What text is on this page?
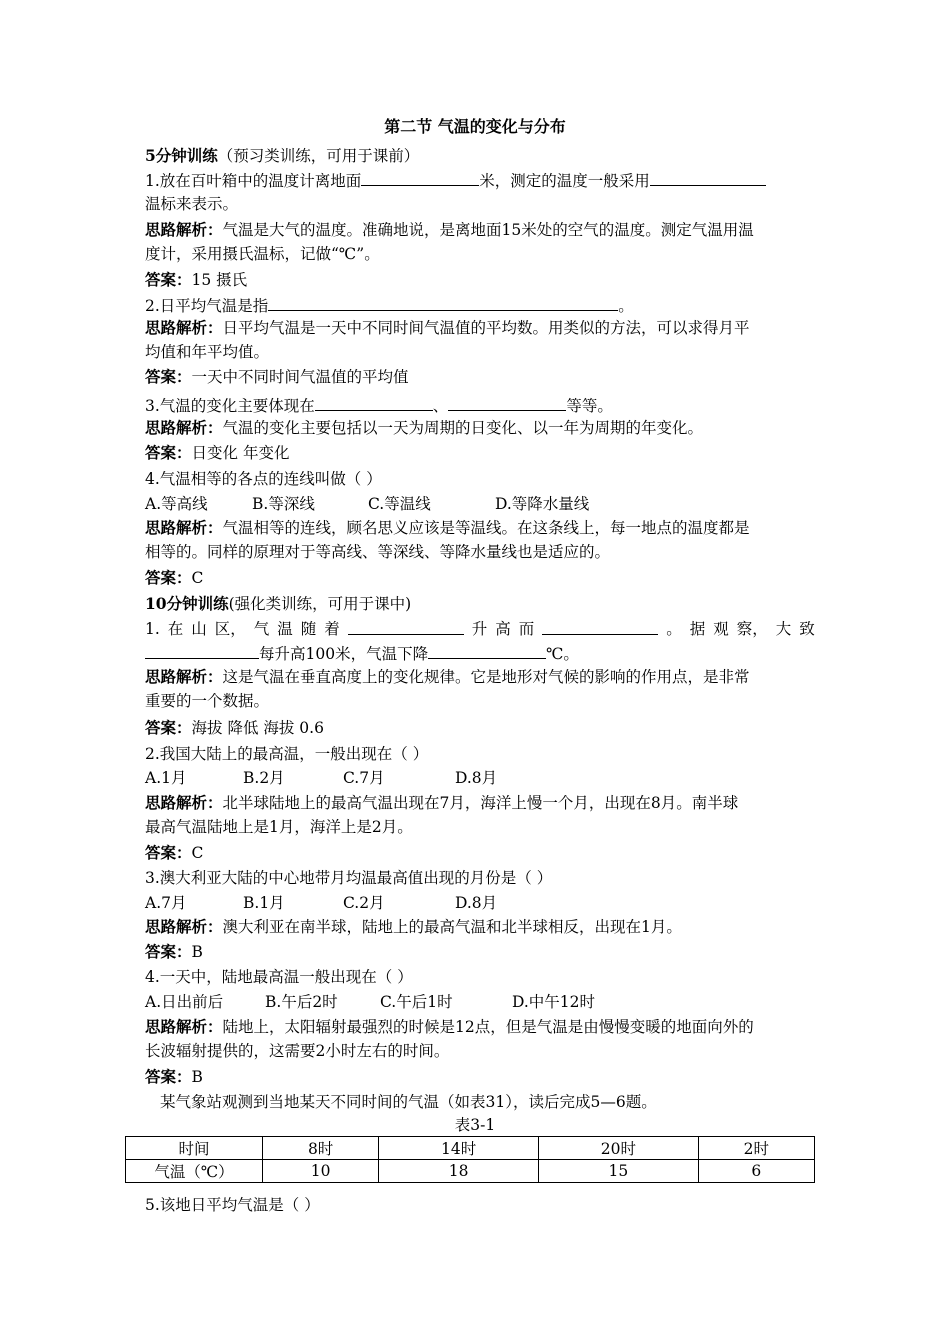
第二节 气温的变化与分布
5分钟训练（预习类训练，可用于课前）
1.放在百叶箱中的温度计离地面	米，测定的温度一般采用
温标来表示。
思路解析：气温是大气的温度。准确地说，是离地面15米处的空气的温度。测定气温用温
度计，采用摄氏温标，记做“℃”。
答案：15 摄氏
2.日平均气温是指	。
思路解析：日平均气温是一天中不同时间气温值的平均数。用类似的方法，可以求得月平
均值和年平均值。
答案：一天中不同时间气温值的平均值
3.气温的变化主要体现在	、	等等。
思路解析：气温的变化主要包括以一天为周期的日变化、以一年为周期的年变化。
答案：日变化 年变化
4.气温相等的各点的连线叫做（ ）
A.等高线	B.等深线	C.等温线	D.等降水量线
思路解析：气温相等的连线，顾名思义应该是等温线。在这条线上，每一地点的温度都是
相等的。同样的原理对于等高线、等深线、等降水量线也是适应的。
答案：C
10分钟训练(强化类训练，可用于课中)
1. 在 山 区， 气 温 随 着	升 高 而	。 据 观 察， 大 致
每升高100米，气温下降	℃。
思路解析：这是气温在垂直高度上的变化规律。它是地形对气候的影响的作用点，是非常
重要的一个数据。
答案：海拔 降低 海拔 0.6
2.我国大陆上的最高温，一般出现在（ ）
A.1月	B.2月	C.7月	D.8月
思路解析：北半球陆地上的最高气温出现在7月，海洋上慢一个月，出现在8月。南半球
最高气温陆地上是1月，海洋上是2月。
答案：C
3.澳大利亚大陆的中心地带月均温最高值出现的月份是（ ）
A.7月	B.1月	C.2月	D.8月
思路解析：澳大利亚在南半球，陆地上的最高气温和北半球相反，出现在1月。
答案：B
4.一天中，陆地最高温一般出现在（ ）
A.日出前后	B.午后2时	C.午后1时	D.中午12时
思路解析：陆地上，太阳辐射最强烈的时候是12点，但是气温是由慢慢变暖的地面向外的
长波辐射提供的，这需要2小时左右的时间。
答案：B
某气象站观测到当地某天不同时间的气温（如表31），读后完成5—6题。
表3-1
时间	8时	14时	20时	2时
气温（℃）	10	18	15	6
5.该地日平均气温是（ ）
